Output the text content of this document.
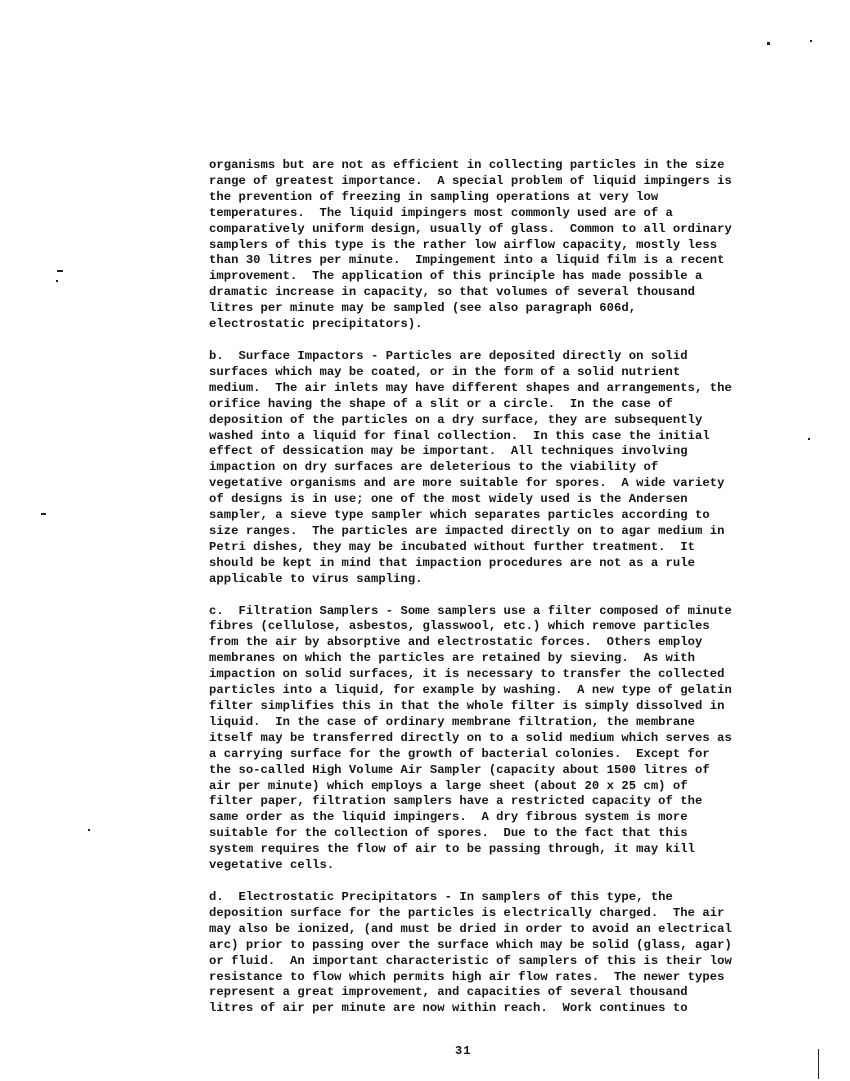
organisms but are not as efficient in collecting particles in the size
range of greatest importance.  A special problem of liquid impingers is
the prevention of freezing in sampling operations at very low
temperatures.  The liquid impingers most commonly used are of a
comparatively uniform design, usually of glass.  Common to all ordinary
samplers of this type is the rather low airflow capacity, mostly less
than 30 litres per minute.  Impingement into a liquid film is a recent
improvement.  The application of this principle has made possible a
dramatic increase in capacity, so that volumes of several thousand
litres per minute may be sampled (see also paragraph 606d,
electrostatic precipitators).
b.  Surface Impactors - Particles are deposited directly on solid
surfaces which may be coated, or in the form of a solid nutrient
medium.  The air inlets may have different shapes and arrangements, the
orifice having the shape of a slit or a circle.  In the case of
deposition of the particles on a dry surface, they are subsequently
washed into a liquid for final collection.  In this case the initial
effect of dessication may be important.  All techniques involving
impaction on dry surfaces are deleterious to the viability of
vegetative organisms and are more suitable for spores.  A wide variety
of designs is in use; one of the most widely used is the Andersen
sampler, a sieve type sampler which separates particles according to
size ranges.  The particles are impacted directly on to agar medium in
Petri dishes, they may be incubated without further treatment.  It
should be kept in mind that impaction procedures are not as a rule
applicable to virus sampling.
c.  Filtration Samplers - Some samplers use a filter composed of minute
fibres (cellulose, asbestos, glasswool, etc.) which remove particles
from the air by absorptive and electrostatic forces.  Others employ
membranes on which the particles are retained by sieving.  As with
impaction on solid surfaces, it is necessary to transfer the collected
particles into a liquid, for example by washing.  A new type of gelatin
filter simplifies this in that the whole filter is simply dissolved in
liquid.  In the case of ordinary membrane filtration, the membrane
itself may be transferred directly on to a solid medium which serves as
a carrying surface for the growth of bacterial colonies.  Except for
the so-called High Volume Air Sampler (capacity about 1500 litres of
air per minute) which employs a large sheet (about 20 x 25 cm) of
filter paper, filtration samplers have a restricted capacity of the
same order as the liquid impingers.  A dry fibrous system is more
suitable for the collection of spores.  Due to the fact that this
system requires the flow of air to be passing through, it may kill
vegetative cells.
d.  Electrostatic Precipitators - In samplers of this type, the
deposition surface for the particles is electrically charged.  The air
may also be ionized, (and must be dried in order to avoid an electrical
arc) prior to passing over the surface which may be solid (glass, agar)
or fluid.  An important characteristic of samplers of this is their low
resistance to flow which permits high air flow rates.  The newer types
represent a great improvement, and capacities of several thousand
litres of air per minute are now within reach.  Work continues to
31
